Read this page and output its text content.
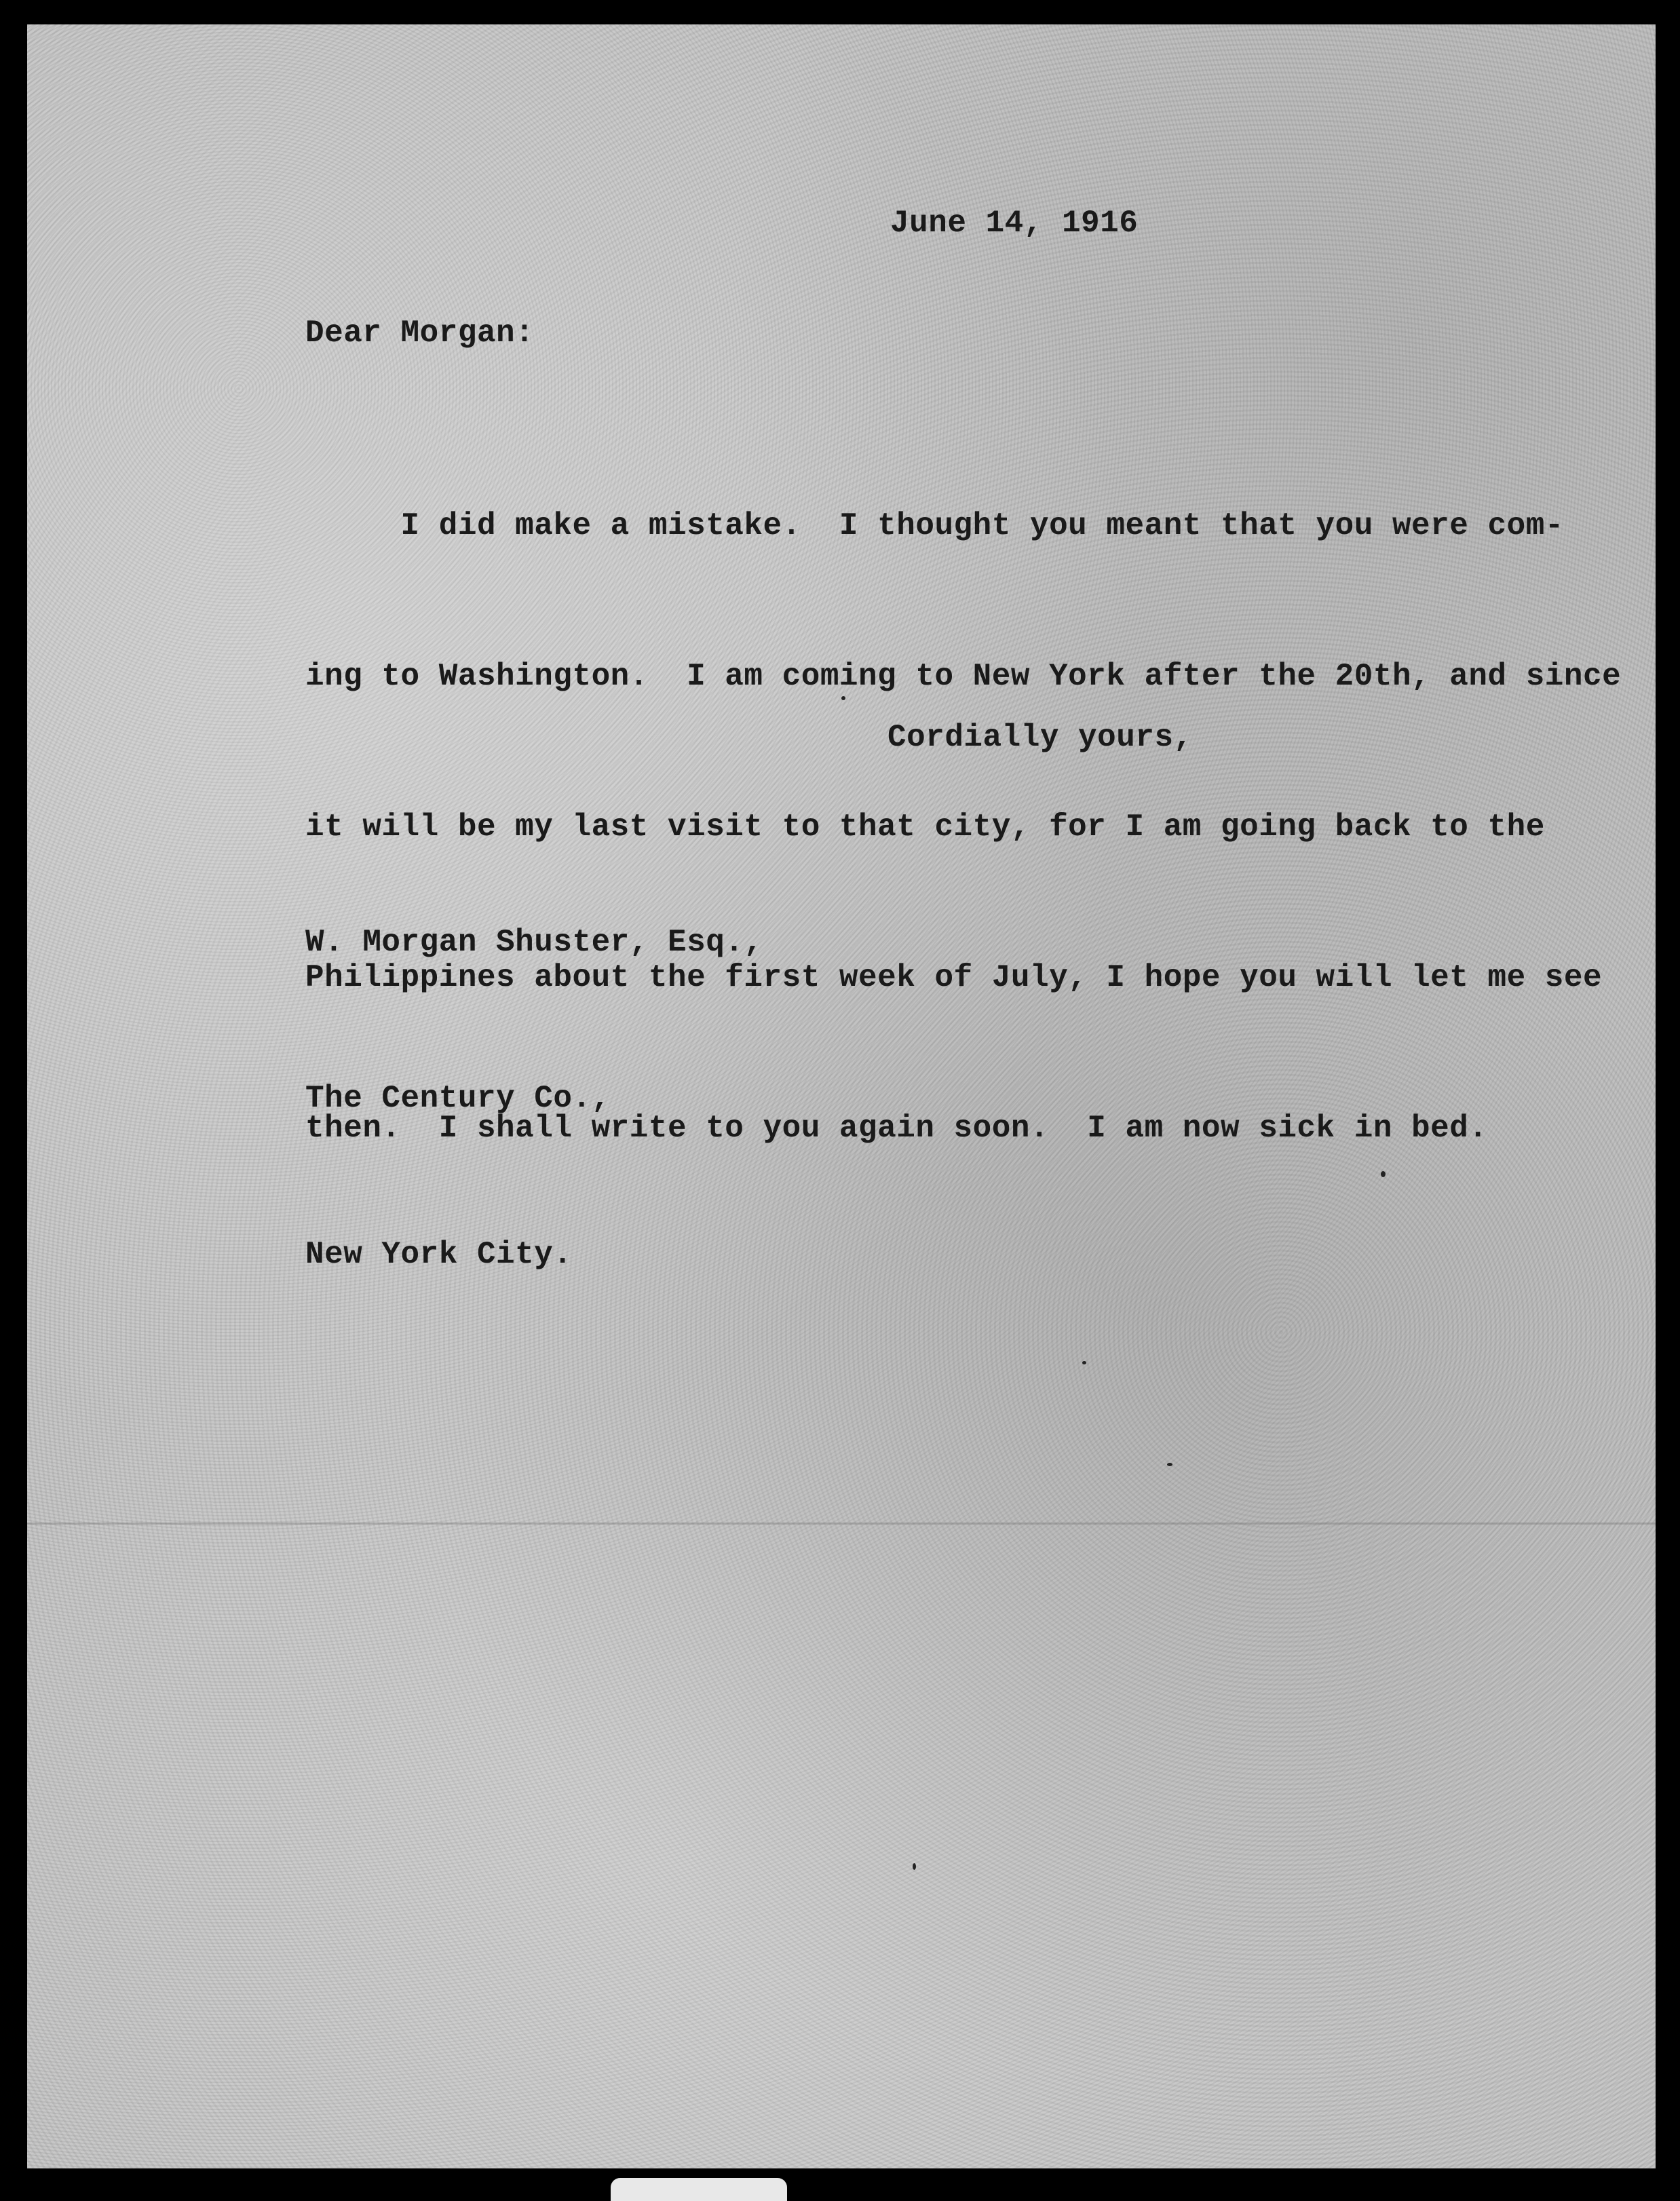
June 14, 1916
Dear Morgan:

I did make a mistake.  I thought you meant that you were com-

ing to Washington.  I am coming to New York after the 20th, and since

it will be my last visit to that city, for I am going back to the

Philippines about the first week of July, I hope you will let me see

then.  I shall write to you again soon.  I am now sick in bed.

Cordially yours,

W. Morgan Shuster, Esq.,

The Century Co.,

New York City.
